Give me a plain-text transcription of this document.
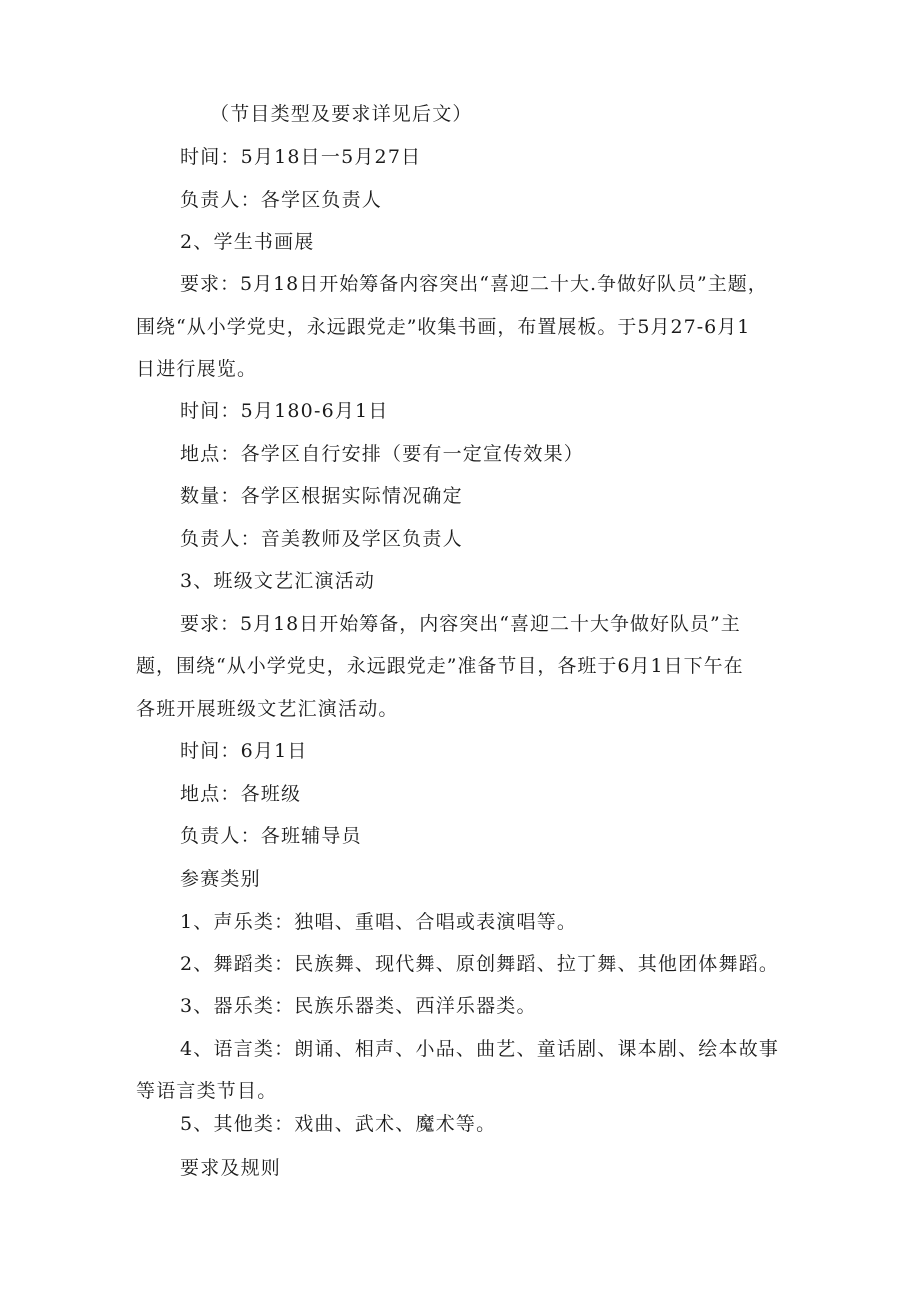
（节目类型及要求详见后文）
时间：5月18日一5月27日
负责人：各学区负责人
2、学生书画展
要求：5月18日开始筹备内容突出“喜迎二十大.争做好队员”主题，
围绕“从小学党史，永远跟党走”收集书画，布置展板。于5月27-6月1
日进行展览。
时间：5月180-6月1日
地点：各学区自行安排（要有一定宣传效果）
数量：各学区根据实际情况确定
负责人：音美教师及学区负责人
3、班级文艺汇演活动
要求：5月18日开始筹备，内容突出“喜迎二十大争做好队员”主
题，围绕“从小学党史，永远跟党走”准备节目，各班于6月1日下午在
各班开展班级文艺汇演活动。
时间：6月1日
地点：各班级
负责人：各班辅导员
参赛类别
1、声乐类：独唱、重唱、合唱或表演唱等。
2、舞蹈类：民族舞、现代舞、原创舞蹈、拉丁舞、其他团体舞蹈。
3、器乐类：民族乐器类、西洋乐器类。
4、语言类：朗诵、相声、小品、曲艺、童话剧、课本剧、绘本故事
等语言类节目。
5、其他类：戏曲、武术、魔术等。
要求及规则
